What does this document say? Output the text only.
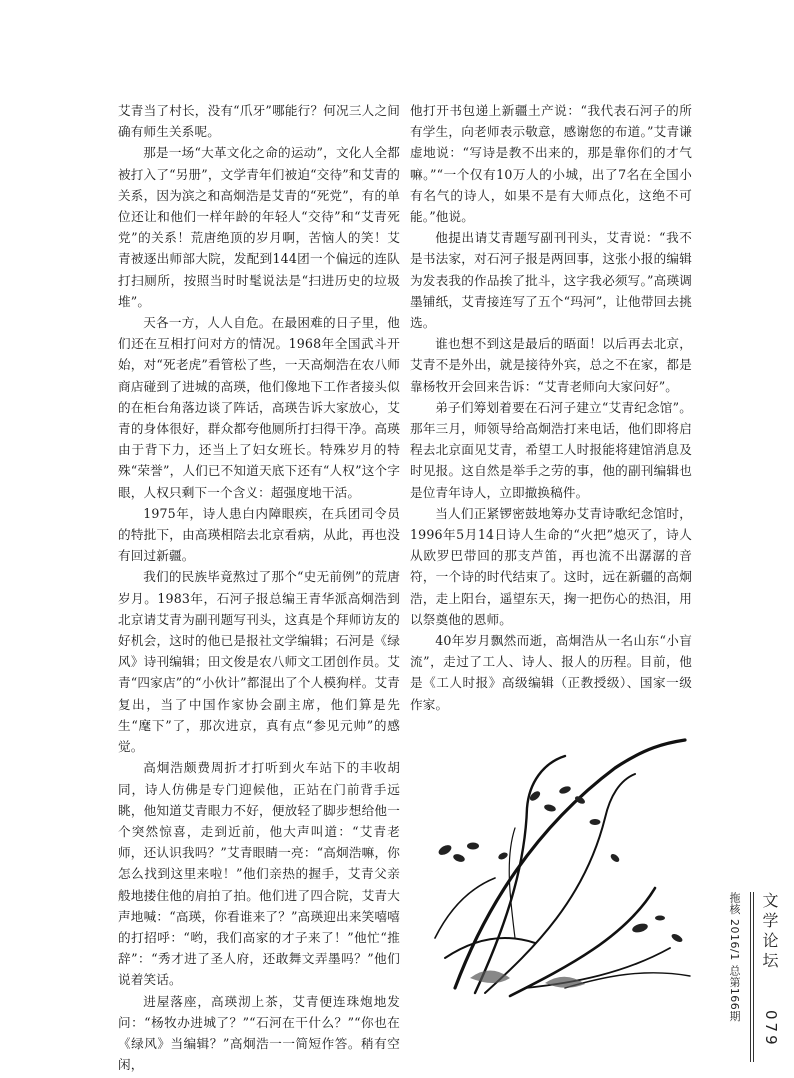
艾青当了村长，没有“爪牙”哪能行？何况三人之间确有师生关系呢。

那是一场“大革文化之命的运动”，文化人全都被打入了“另册”，文学青年们被迫“交待”和艾青的关系，因为滨之和高炯浩是艾青的“死党”，有的单位还让和他们一样年龄的年轻人“交待”和“艾青死党”的关系！荒唐绝顶的岁月啊，苦恼人的笑！艾青被逐出师部大院，发配到144团一个偏远的连队打扫厕所，按照当时时髦说法是“扫进历史的垃圾堆”。

天各一方，人人自危。在最困难的日子里，他们还在互相打问对方的情况。1968年全国武斗开始，对“死老虎”看管松了些，一天高炯浩在农八师商店碰到了进城的高瑛，他们像地下工作者接头似的在柜台角落边谈了阵话，高瑛告诉大家放心，艾青的身体很好，群众都夸他厕所打扫得干净。高瑛由于背下力，还当上了妇女班长。特殊岁月的特殊“荣誉”，人们已不知道天底下还有“人权”这个字眼，人权只剩下一个含义：超强度地干活。

1975年，诗人患白内障眼疾，在兵团司令员的特批下，由高瑛相陪去北京看病，从此，再也没有回过新疆。

我们的民族毕竟熬过了那个“史无前例”的荒唐岁月。1983年，石河子报总编王青华派高炯浩到北京请艾青为副刊题写刊头，这真是个拜师访友的好机会，这时的他已是报社文学编辑；石河是《绿风》诗刊编辑；田文俊是农八师文工团创作员。艾青“四家店”的“小伙计”都混出了个人模狗样。艾青复出，当了中国作家协会副主席，他们算是先生“麾下”了，那次进京，真有点“参见元帅”的感觉。

高炯浩颇费周折才打听到火车站下的丰收胡同，诗人仿佛是专门迎候他，正站在门前背手远眺，他知道艾青眼力不好，便放轻了脚步想给他一个突然惊喜，走到近前，他大声叫道：“艾青老师，还认识我吗？”艾青眼睛一亮：“高炯浩嘛，你怎么找到这里来啦！”他们亲热的握手，艾青父亲般地搂住他的肩拍了拍。他们进了四合院，艾青大声地喊：“高瑛，你看谁来了？”高瑛迎出来笑嘻嘻的打招呼：“哟，我们高家的才子来了！”他忙“推辞”：“秀才进了圣人府，还敢舞文弄墨吗？”他们说着笑话。

进屋落座，高瑛沏上茶，艾青便连珠炮地发问：“杨牧办进城了？”“石河在干什么？”“你也在《绿风》当编辑？”高炯浩一一简短作答。稍有空闲，

他打开书包递上新疆土产说：“我代表石河子的所有学生，向老师表示敬意，感谢您的布道。”艾青谦虚地说：“写诗是教不出来的，那是靠你们的才气嘛。”“一个仅有10万人的小城，出了7名在全国小有名气的诗人，如果不是有大师点化，这绝不可能。”他说。

他提出请艾青题写副刊刊头，艾青说：“我不是书法家，对石河子报是两回事，这张小报的编辑为发表我的作品挨了批斗，这字我必须写。”高瑛调墨铺纸，艾青接连写了五个“玛河”，让他带回去挑选。

谁也想不到这是最后的晤面！以后再去北京，艾青不是外出，就是接待外宾，总之不在家，都是靠杨牧开会回来告诉：“艾青老师向大家问好”。

弟子们筹划着要在石河子建立“艾青纪念馆”。那年三月，师领导给高炯浩打来电话，他们即将启程去北京面见艾青，希望工人时报能将建馆消息及时见报。这自然是举手之劳的事，他的副刊编辑也是位青年诗人，立即撤换稿件。

当人们正紧锣密鼓地筹办艾青诗歌纪念馆时，1996年5月14日诗人生命的“火把”熄灭了，诗人从欧罗巴带回的那支芦笛，再也流不出潺潺的音符，一个诗的时代结束了。这时，远在新疆的高炯浩，走上阳台，遥望东天，掬一把伤心的热泪，用以祭奠他的恩师。

40年岁月飘然而逝，高炯浩从一名山东“小盲流”，走过了工人、诗人、报人的历程。目前，他是《工人时报》高级编辑（正教授级）、国家一级作家。

拖核 2016/1 总第166期 文学论坛
079
